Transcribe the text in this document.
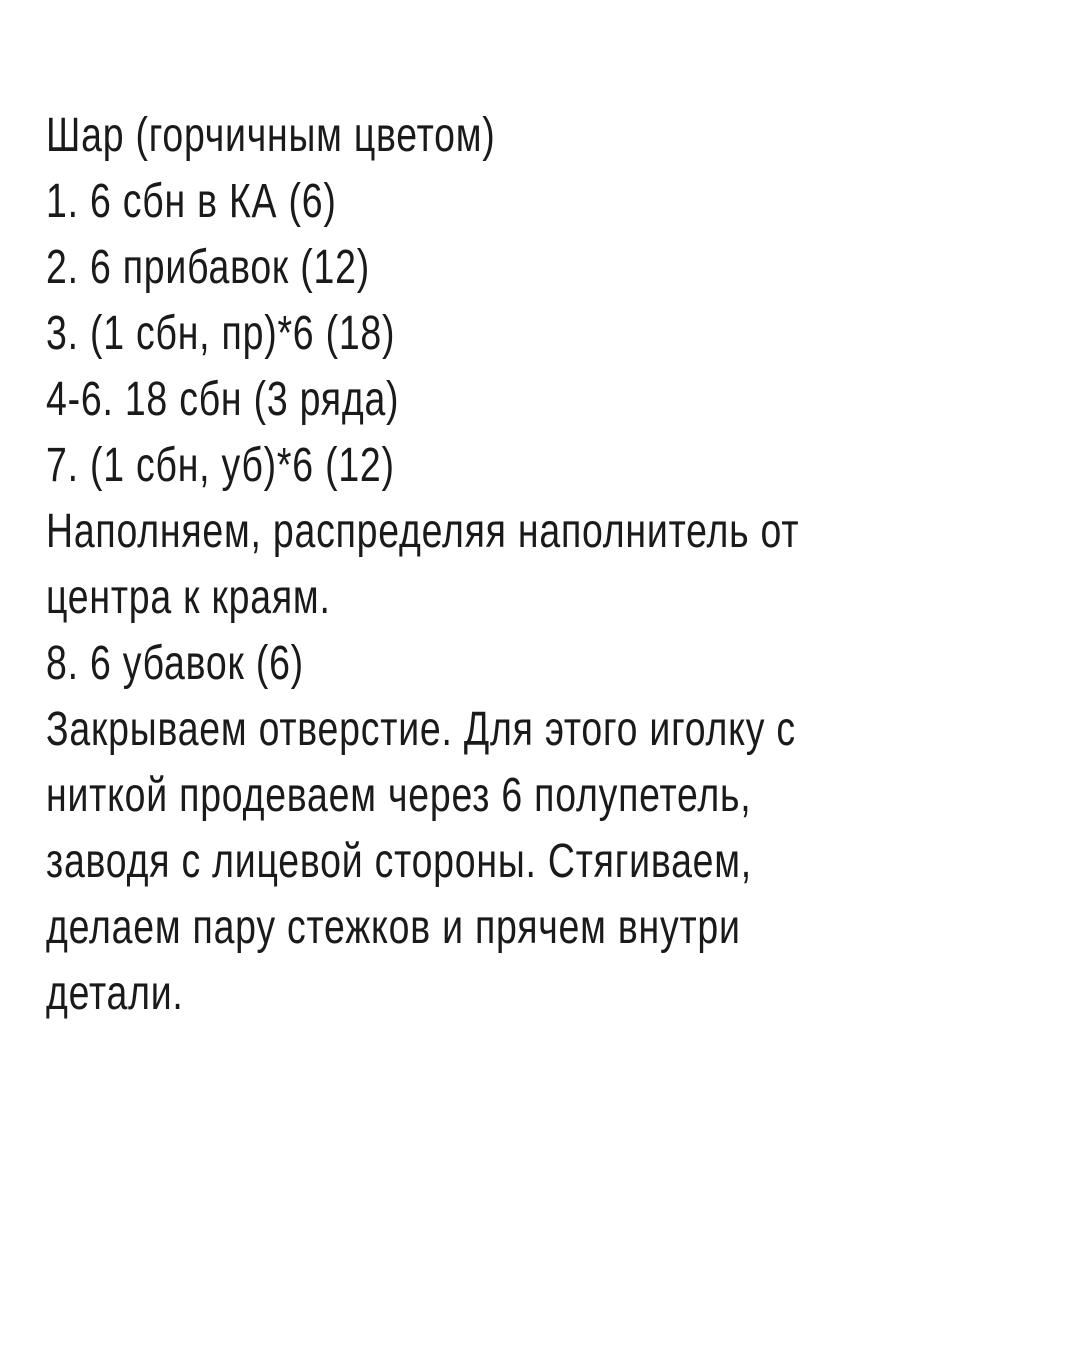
Шар (горчичным цветом)
1. 6 сбн в КА (6)
2. 6 прибавок (12)
3. (1 сбн, пр)*6 (18)
4-6. 18 сбн (3 ряда)
7. (1 сбн, уб)*6 (12)
Наполняем, распределяя наполнитель от
центра к краям.
8. 6 убавок (6)
Закрываем отверстие. Для этого иголку с
ниткой продеваем через 6 полупетель,
заводя с лицевой стороны. Стягиваем,
делаем пару стежков и прячем внутри
детали.
